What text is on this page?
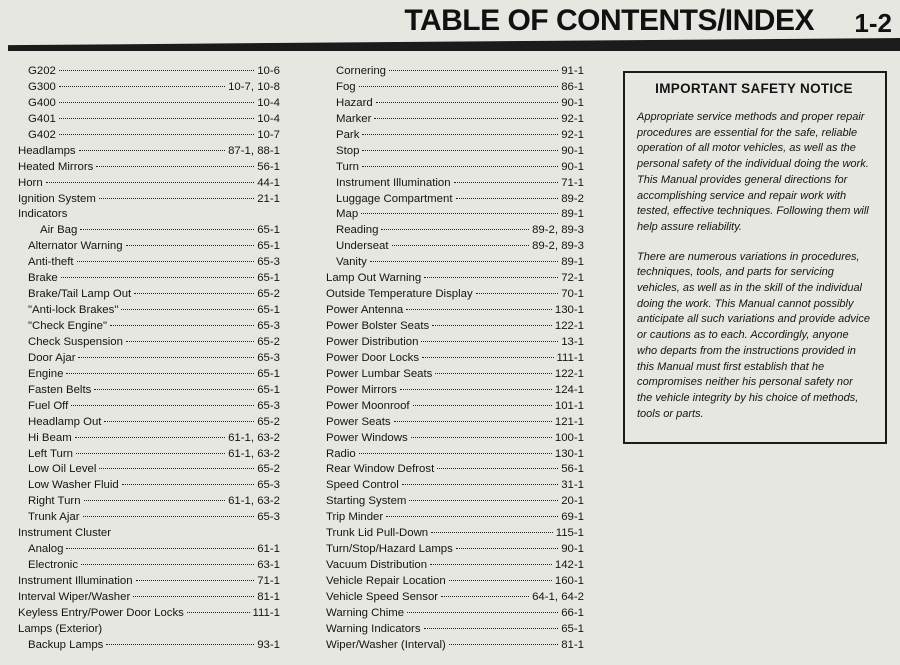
TABLE OF CONTENTS/INDEX 1-2
G202	10-6
G300	10-7, 10-8
G400	10-4
G401	10-4
G402	10-7
Headlamps	87-1, 88-1
Heated Mirrors	56-1
Horn	44-1
Ignition System	21-1
Indicators
Air Bag	65-1
Alternator Warning	65-1
Anti-theft	65-3
Brake	65-1
Brake/Tail Lamp Out	65-2
"Anti-lock Brakes"	65-1
"Check Engine"	65-3
Check Suspension	65-2
Door Ajar	65-3
Engine	65-1
Fasten Belts	65-1
Fuel Off	65-3
Headlamp Out	65-2
Hi Beam	61-1, 63-2
Left Turn	61-1, 63-2
Low Oil Level	65-2
Low Washer Fluid	65-3
Right Turn	61-1, 63-2
Trunk Ajar	65-3
Instrument Cluster
Analog	61-1
Electronic	63-1
Instrument Illumination	71-1
Interval Wiper/Washer	81-1
Keyless Entry/Power Door Locks	111-1
Lamps (Exterior)
Backup Lamps	93-1
Cornering	91-1
Fog	86-1
Hazard	90-1
Marker	92-1
Park	92-1
Stop	90-1
Turn	90-1
Instrument Illumination	71-1
Luggage Compartment	89-2
Map	89-1
Reading	89-2, 89-3
Underseat	89-2, 89-3
Vanity	89-1
Lamp Out Warning	72-1
Outside Temperature Display	70-1
Power Antenna	130-1
Power Bolster Seats	122-1
Power Distribution	13-1
Power Door Locks	111-1
Power Lumbar Seats	122-1
Power Mirrors	124-1
Power Moonroof	101-1
Power Seats	121-1
Power Windows	100-1
Radio	130-1
Rear Window Defrost	56-1
Speed Control	31-1
Starting System	20-1
Trip Minder	69-1
Trunk Lid Pull-Down	115-1
Turn/Stop/Hazard Lamps	90-1
Vacuum Distribution	142-1
Vehicle Repair Location	160-1
Vehicle Speed Sensor	64-1, 64-2
Warning Chime	66-1
Warning Indicators	65-1
Wiper/Washer (Interval)	81-1
IMPORTANT SAFETY NOTICE

Appropriate service methods and proper repair procedures are essential for the safe, reliable operation of all motor vehicles, as well as the personal safety of the individual doing the work. This Manual provides general directions for accomplishing service and repair work with tested, effective techniques. Following them will help assure reliability.

There are numerous variations in procedures, techniques, tools, and parts for servicing vehicles, as well as in the skill of the individual doing the work. This Manual cannot possibly anticipate all such variations and provide advice or cautions as to each. Accordingly, anyone who departs from the instructions provided in this Manual must first establish that he compromises neither his personal safety nor the vehicle integrity by his choice of methods, tools or parts.
